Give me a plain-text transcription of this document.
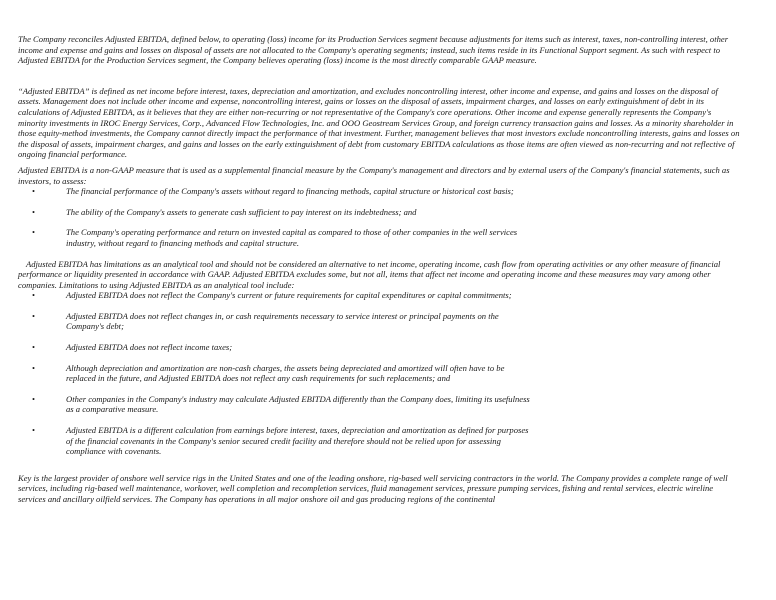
The Company reconciles Adjusted EBITDA, defined below, to operating (loss) income for its Production Services segment because adjustments for items such as interest, taxes, non-controlling interest, other income and expense and gains and losses on disposal of assets are not allocated to the Company's operating segments; instead, such items reside in its Functional Support segment. As such with respect to Adjusted EBITDA for the Production Services segment, the Company believes operating (loss) income is the most directly comparable GAAP measure.

“Adjusted EBITDA” is defined as net income before interest, taxes, depreciation and amortization, and excludes noncontrolling interest, other income and expense, and gains and losses on the disposal of assets. Management does not include other income and expense, noncontrolling interest, gains or losses on the disposal of assets, impairment charges, and losses on early extinguishment of debt in its calculations of Adjusted EBITDA, as it believes that they are either non-recurring or not representative of the Company's core operations. Other income and expense generally represents the Company's minority investments in IROC Energy Services, Corp., Advanced Flow Technologies, Inc. and OOO Geostream Services Group, and foreign currency transaction gains and losses. As a minority shareholder in those equity-method investments, the Company cannot directly impact the performance of that investment. Further, management believes that most investors exclude noncontrolling interests, gains and losses on the disposal of assets, impairment charges, and gains and losses on the early extinguishment of debt from customary EBITDA calculations as those items are often viewed as non-recurring and not reflective of ongoing financial performance.

Adjusted EBITDA is a non-GAAP measure that is used as a supplemental financial measure by the Company's management and directors and by external users of the Company's financial statements, such as investors, to assess:

•	The financial performance of the Company's assets without regard to financing methods, capital structure or historical cost basis;
•	The ability of the Company's assets to generate cash sufficient to pay interest on its indebtedness; and
•	The Company's operating performance and return on invested capital as compared to those of other companies in the well services industry, without regard to financing methods and capital structure.

Adjusted EBITDA has limitations as an analytical tool and should not be considered an alternative to net income, operating income, cash flow from operating activities or any other measure of financial performance or liquidity presented in accordance with GAAP. Adjusted EBITDA excludes some, but not all, items that affect net income and operating income and these measures may vary among other companies. Limitations to using Adjusted EBITDA as an analytical tool include:

•	Adjusted EBITDA does not reflect the Company's current or future requirements for capital expenditures or capital commitments;
•	Adjusted EBITDA does not reflect changes in, or cash requirements necessary to service interest or principal payments on the Company's debt;
•	Adjusted EBITDA does not reflect income taxes;
•	Although depreciation and amortization are non-cash charges, the assets being depreciated and amortized will often have to be replaced in the future, and Adjusted EBITDA does not reflect any cash requirements for such replacements; and
•	Other companies in the Company's industry may calculate Adjusted EBITDA differently than the Company does, limiting its usefulness as a comparative measure.
•	Adjusted EBITDA is a different calculation from earnings before interest, taxes, depreciation and amortization as defined for purposes of the financial covenants in the Company's senior secured credit facility and therefore should not be relied upon for assessing compliance with covenants.

Key is the largest provider of onshore well service rigs in the United States and one of the leading onshore, rig-based well servicing contractors in the world. The Company provides a complete range of well services, including rig-based well maintenance, workover, well completion and recompletion services, fluid management services, pressure pumping services, fishing and rental services, electric wireline services and ancillary oilfield services. The Company has operations in all major onshore oil and gas producing regions of the continental
